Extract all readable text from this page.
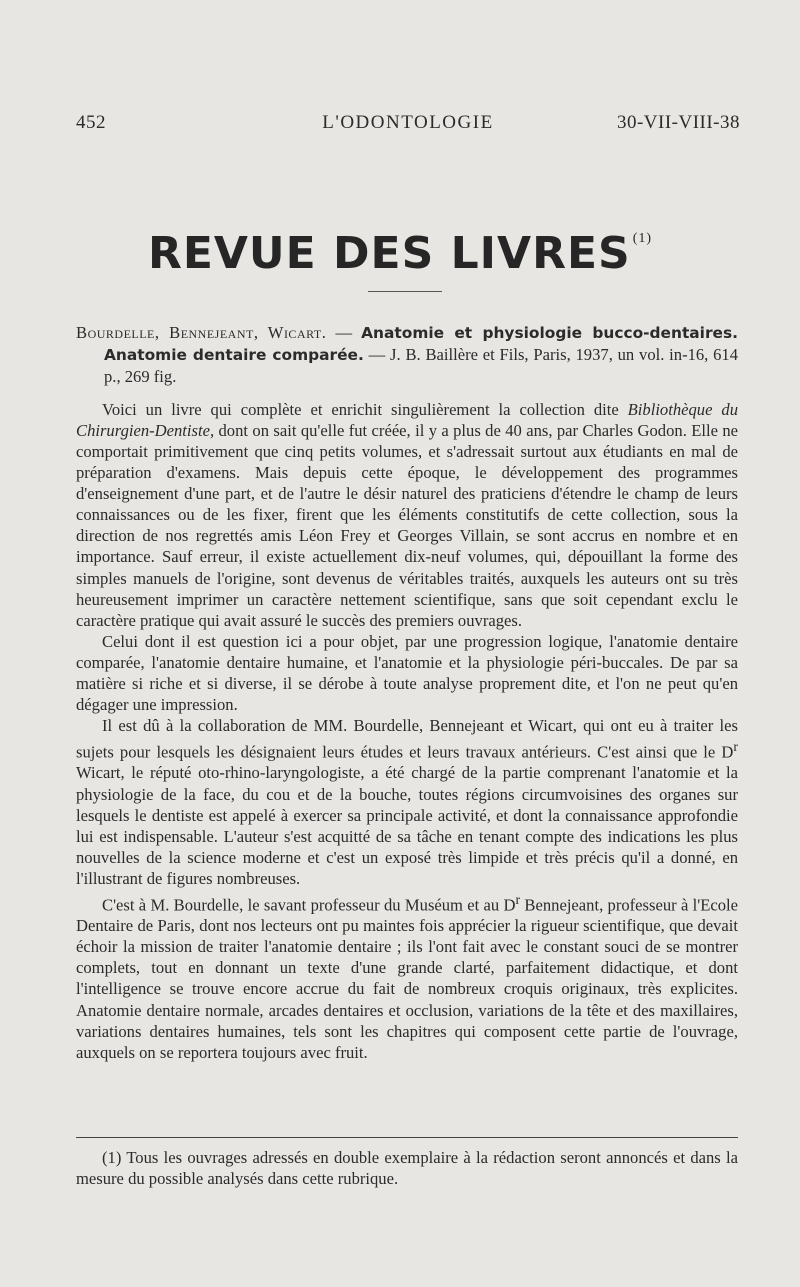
452	L'ODONTOLOGIE	30-VII-VIII-38
REVUE DES LIVRES $^{(1)}$

Bourdelle, Bennejeant, Wicart. — Anatomie et physiologie bucco-dentaires. Anatomie dentaire comparée. — J. B. Baillère et Fils, Paris, 1937, un vol. in-16, 614 p., 269 fig.

Voici un livre qui complète et enrichit singulièrement la collection dite Bibliothèque du Chirurgien-Dentiste, dont on sait qu'elle fut créée, il y a plus de 40 ans, par Charles Godon. Elle ne comportait primitivement que cinq petits volumes, et s'adressait surtout aux étudiants en mal de préparation d'examens. Mais depuis cette époque, le développement des programmes d'enseignement d'une part, et de l'autre le désir naturel des praticiens d'étendre le champ de leurs connaissances ou de les fixer, firent que les éléments constitutifs de cette collection, sous la direction de nos regrettés amis Léon Frey et Georges Villain, se sont accrus en nombre et en importance. Sauf erreur, il existe actuellement dix-neuf volumes, qui, dépouillant la forme des simples manuels de l'origine, sont devenus de véritables traités, auxquels les auteurs ont su très heureusement imprimer un caractère nettement scientifique, sans que soit cependant exclu le caractère pratique qui avait assuré le succès des premiers ouvrages.

Celui dont il est question ici a pour objet, par une progression logique, l'anatomie dentaire comparée, l'anatomie dentaire humaine, et l'anatomie et la physiologie péri-buccales. De par sa matière si riche et si diverse, il se dérobe à toute analyse proprement dite, et l'on ne peut qu'en dégager une impression.

Il est dû à la collaboration de MM. Bourdelle, Bennejeant et Wicart, qui ont eu à traiter les sujets pour lesquels les désignaient leurs études et leurs travaux antérieurs. C'est ainsi que le $D^r$ Wicart, le réputé oto-rhino-laryngologiste, a été chargé de la partie comprenant l'anatomie et la physiologie de la face, du cou et de la bouche, toutes régions circumvoisines des organes sur lesquels le dentiste est appelé à exercer sa principale activité, et dont la connaissance approfondie lui est indispensable. L'auteur s'est acquitté de sa tâche en tenant compte des indications les plus nouvelles de la science moderne et c'est un exposé très limpide et très précis qu'il a donné, en l'illustrant de figures nombreuses.

C'est à M. Bourdelle, le savant professeur du Muséum et au $D^r$ Bennejeant, professeur à l'Ecole Dentaire de Paris, dont nos lecteurs ont pu maintes fois apprécier la rigueur scientifique, que devait échoir la mission de traiter l'anatomie dentaire ; ils l'ont fait avec le constant souci de se montrer complets, tout en donnant un texte d'une grande clarté, parfaitement didactique, et dont l'intelligence se trouve encore accrue du fait de nombreux croquis originaux, très explicites. Anatomie dentaire normale, arcades dentaires et occlusion, variations de la tête et des maxillaires, variations dentaires humaines, tels sont les chapitres qui composent cette partie de l'ouvrage, auxquels on se reportera toujours avec fruit.

(1) Tous les ouvrages adressés en double exemplaire à la rédaction seront annoncés et dans la mesure du possible analysés dans cette rubrique.
